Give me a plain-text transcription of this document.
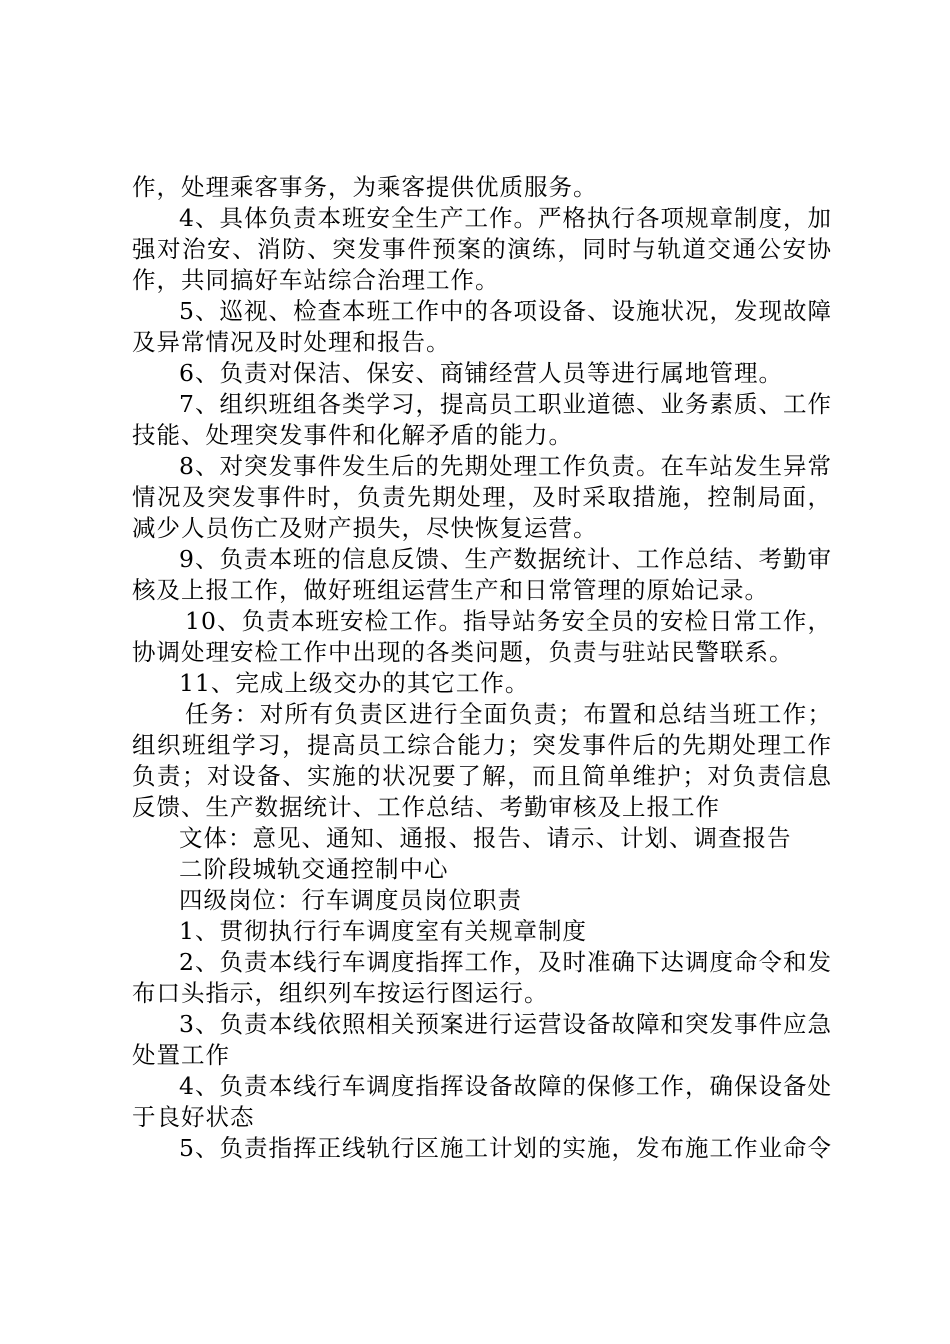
作，处理乘客事务，为乘客提供优质服务。

4、具体负责本班安全生产工作。严格执行各项规章制度，加强对治安、消防、突发事件预案的演练，同时与轨道交通公安协作，共同搞好车站综合治理工作。

5、巡视、检查本班工作中的各项设备、设施状况，发现故障及异常情况及时处理和报告。

6、负责对保洁、保安、商铺经营人员等进行属地管理。

7、组织班组各类学习，提高员工职业道德、业务素质、工作技能、处理突发事件和化解矛盾的能力。

8、对突发事件发生后的先期处理工作负责。在车站发生异常情况及突发事件时，负责先期处理，及时采取措施，控制局面，减少人员伤亡及财产损失，尽快恢复运营。

9、负责本班的信息反馈、生产数据统计、工作总结、考勤审核及上报工作，做好班组运营生产和日常管理的原始记录。

10、负责本班安检工作。指导站务安全员的安检日常工作，协调处理安检工作中出现的各类问题，负责与驻站民警联系。

11、完成上级交办的其它工作。

任务：对所有负责区进行全面负责；布置和总结当班工作；组织班组学习，提高员工综合能力；突发事件后的先期处理工作负责；对设备、实施的状况要了解，而且简单维护；对负责信息反馈、生产数据统计、工作总结、考勤审核及上报工作

文体：意见、通知、通报、报告、请示、计划、调查报告

二阶段城轨交通控制中心

四级岗位：行车调度员岗位职责

1、贯彻执行行车调度室有关规章制度

2、负责本线行车调度指挥工作，及时准确下达调度命令和发布口头指示，组织列车按运行图运行。

3、负责本线依照相关预案进行运营设备故障和突发事件应急处置工作

4、负责本线行车调度指挥设备故障的保修工作，确保设备处于良好状态

5、负责指挥正线轨行区施工计划的实施，发布施工作业命令
